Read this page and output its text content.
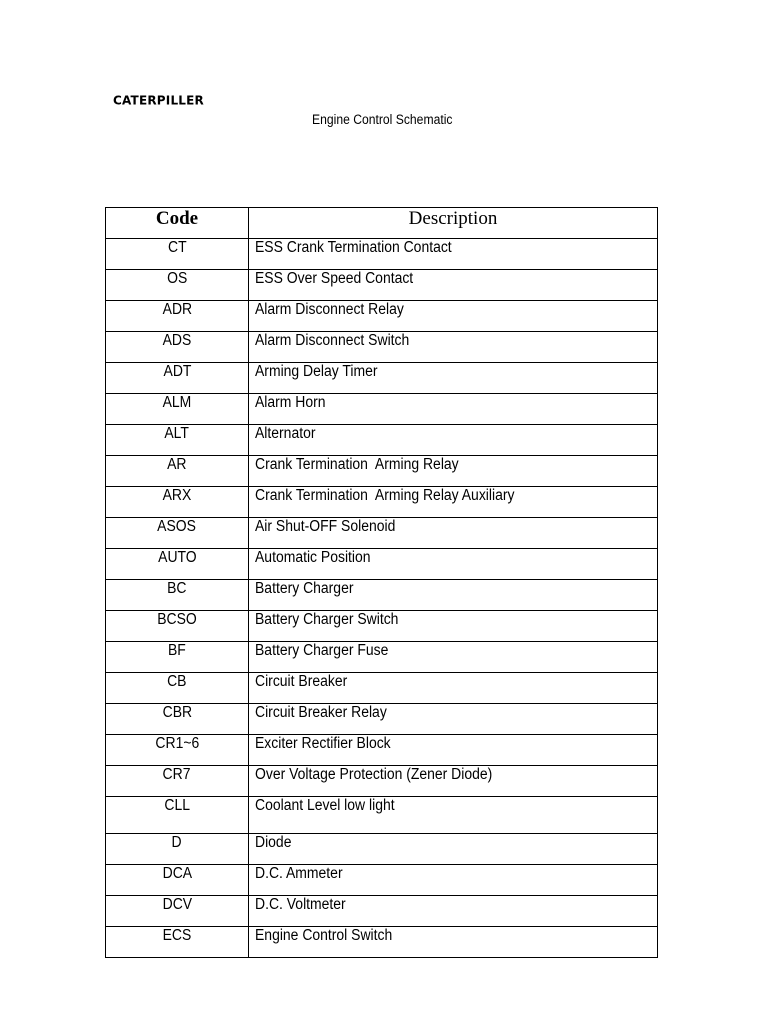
CATERPILLER
Engine Control Schematic
Code	Description
CT	ESS Crank Termination Contact
OS	ESS Over Speed Contact
ADR	Alarm Disconnect Relay
ADS	Alarm Disconnect Switch
ADT	Arming Delay Timer
ALM	Alarm Horn
ALT	Alternator
AR	Crank Termination  Arming Relay
ARX	Crank Termination  Arming Relay Auxiliary
ASOS	Air Shut-OFF Solenoid
AUTO	Automatic Position
BC	Battery Charger
BCSO	Battery Charger Switch
BF	Battery Charger Fuse
CB	Circuit Breaker
CBR	Circuit Breaker Relay
CR1~6	Exciter Rectifier Block
CR7	Over Voltage Protection (Zener Diode)
CLL	Coolant Level low light
D	Diode
DCA	D.C. Ammeter
DCV	D.C. Voltmeter
ECS	Engine Control Switch
